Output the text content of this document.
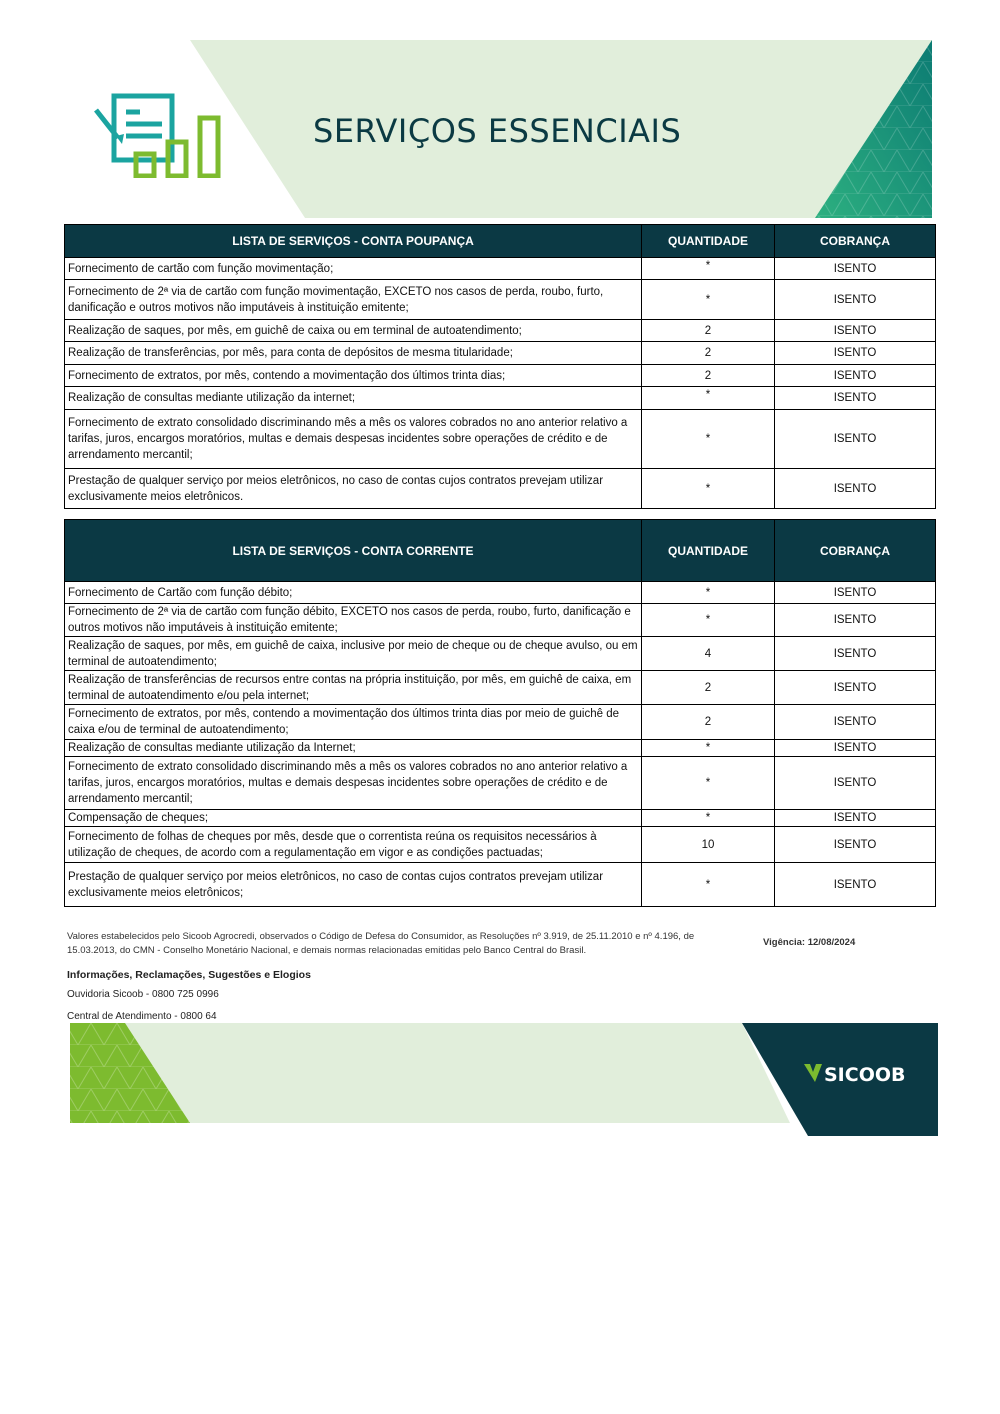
SERVIÇOS ESSENCIAIS
LISTA DE SERVIÇOS - CONTA POUPANÇA	QUANTIDADE	COBRANÇA
Fornecimento de cartão com função movimentação;	*	ISENTO
Fornecimento de 2ª via de cartão com função movimentação, EXCETO nos casos de perda, roubo, furto, danificação e outros motivos não imputáveis à instituição emitente;	*	ISENTO
Realização de saques, por mês, em guichê de caixa ou em terminal de autoatendimento;	2	ISENTO
Realização de transferências, por mês, para conta de depósitos de mesma titularidade;	2	ISENTO
Fornecimento de extratos, por mês, contendo a movimentação dos últimos trinta dias;	2	ISENTO
Realização de consultas mediante utilização da internet;	*	ISENTO
Fornecimento de extrato consolidado discriminando mês a mês os valores cobrados no ano anterior relativo a tarifas, juros, encargos moratórios, multas e demais despesas incidentes sobre operações de crédito e de arrendamento mercantil;	*	ISENTO
Prestação de qualquer serviço por meios eletrônicos, no caso de contas cujos contratos prevejam utilizar exclusivamente meios eletrônicos.	*	ISENTO
LISTA DE SERVIÇOS - CONTA CORRENTE	QUANTIDADE	COBRANÇA
Fornecimento de Cartão com função débito;	*	ISENTO
Fornecimento de 2ª via de cartão com função débito, EXCETO nos casos de perda, roubo, furto, danificação e outros motivos não imputáveis à instituição emitente;	*	ISENTO
Realização de saques, por mês, em guichê de caixa, inclusive por meio de cheque ou de cheque avulso, ou em terminal de autoatendimento;	4	ISENTO
Realização de transferências de recursos entre contas na própria instituição, por mês, em guichê de caixa, em terminal de autoatendimento e/ou pela internet;	2	ISENTO
Fornecimento de extratos, por mês, contendo a movimentação dos últimos trinta dias por meio de guichê de caixa e/ou de terminal de autoatendimento;	2	ISENTO
Realização de consultas mediante utilização da Internet;	*	ISENTO
Fornecimento de extrato consolidado discriminando mês a mês os valores cobrados no ano anterior relativo a tarifas, juros, encargos moratórios, multas e demais despesas incidentes sobre operações de crédito e de arrendamento mercantil;	*	ISENTO
Compensação de cheques;	*	ISENTO
Fornecimento de folhas de cheques por mês, desde que o correntista reúna os requisitos necessários à utilização de cheques, de acordo com a regulamentação em vigor e as condições pactuadas;	10	ISENTO
Prestação de qualquer serviço por meios eletrônicos, no caso de contas cujos contratos prevejam utilizar exclusivamente meios eletrônicos;	*	ISENTO
Valores estabelecidos pelo Sicoob Agrocredi, observados o Código de Defesa do Consumidor, as Resoluções nº 3.919, de 25.11.2010 e nº 4.196, de 15.03.2013, do CMN - Conselho Monetário Nacional, e demais normas relacionadas emitidas pelo Banco Central do Brasil.
Vigência: 12/08/2024
Informações, Reclamações, Sugestões e Elogios
Ouvidoria Sicoob - 0800 725 0996
Central de Atendimento - 0800 64
SICOOB
